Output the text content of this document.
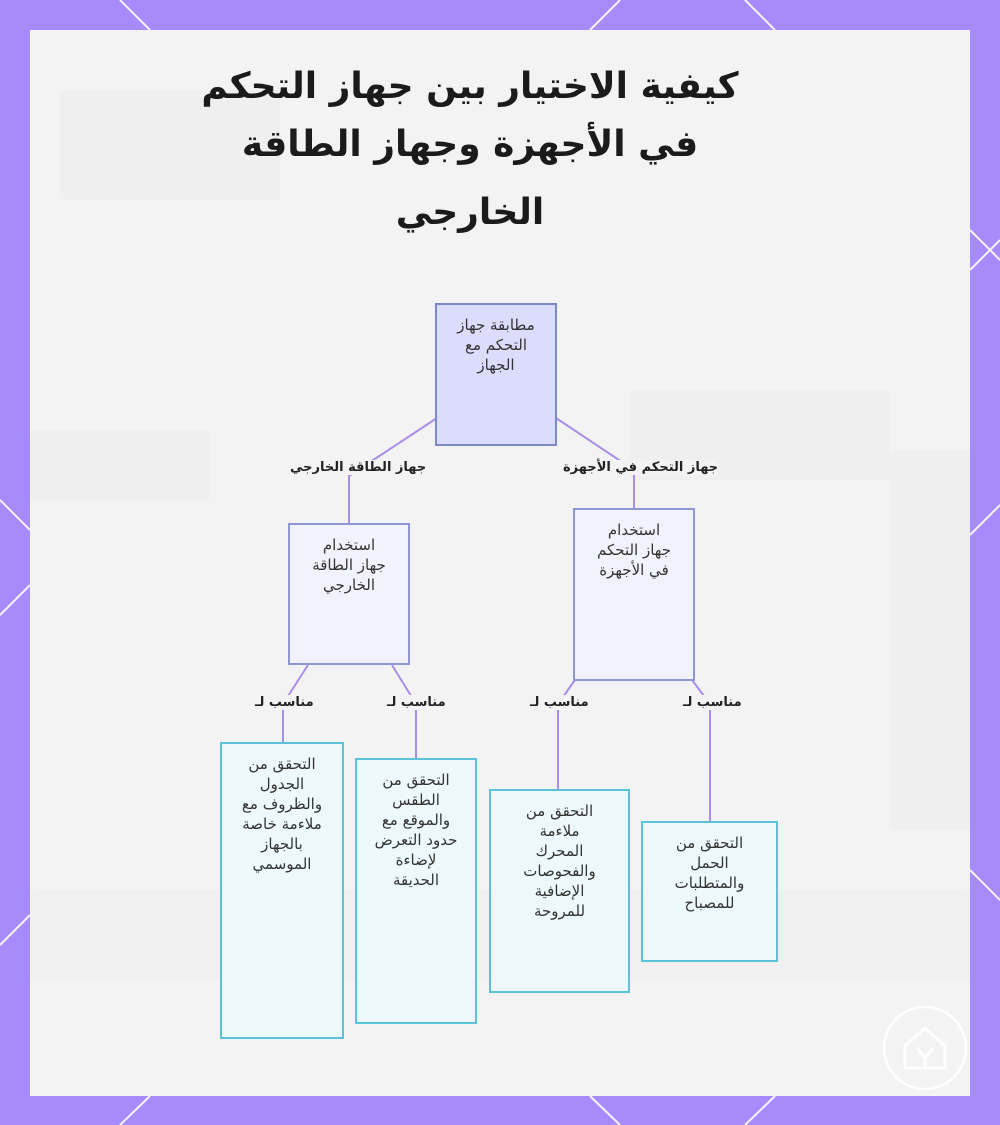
كيفية الاختيار بين جهاز التحكم في الأجهزة وجهاز الطاقة
الخارجي
جهاز الطاقة الخارجي	جهاز التحكم في الأجهزة
مناسب لـ	مناسب لـ	مناسب لـ	مناسب لـ
مطابقة جهاز التحكم مع الجهاز
استخدام جهاز الطاقة الخارجي
استخدام جهاز التحكم في الأجهزة
التحقق من الجدول والظروف مع ملاءمة خاصة بالجهاز الموسمي
التحقق من الطقس والموقع مع حدود التعرض لإضاءة الحديقة
التحقق من ملاءمة المحرك والفحوصات الإضافية للمروحة
التحقق من الحمل والمتطلبات للمصباح
